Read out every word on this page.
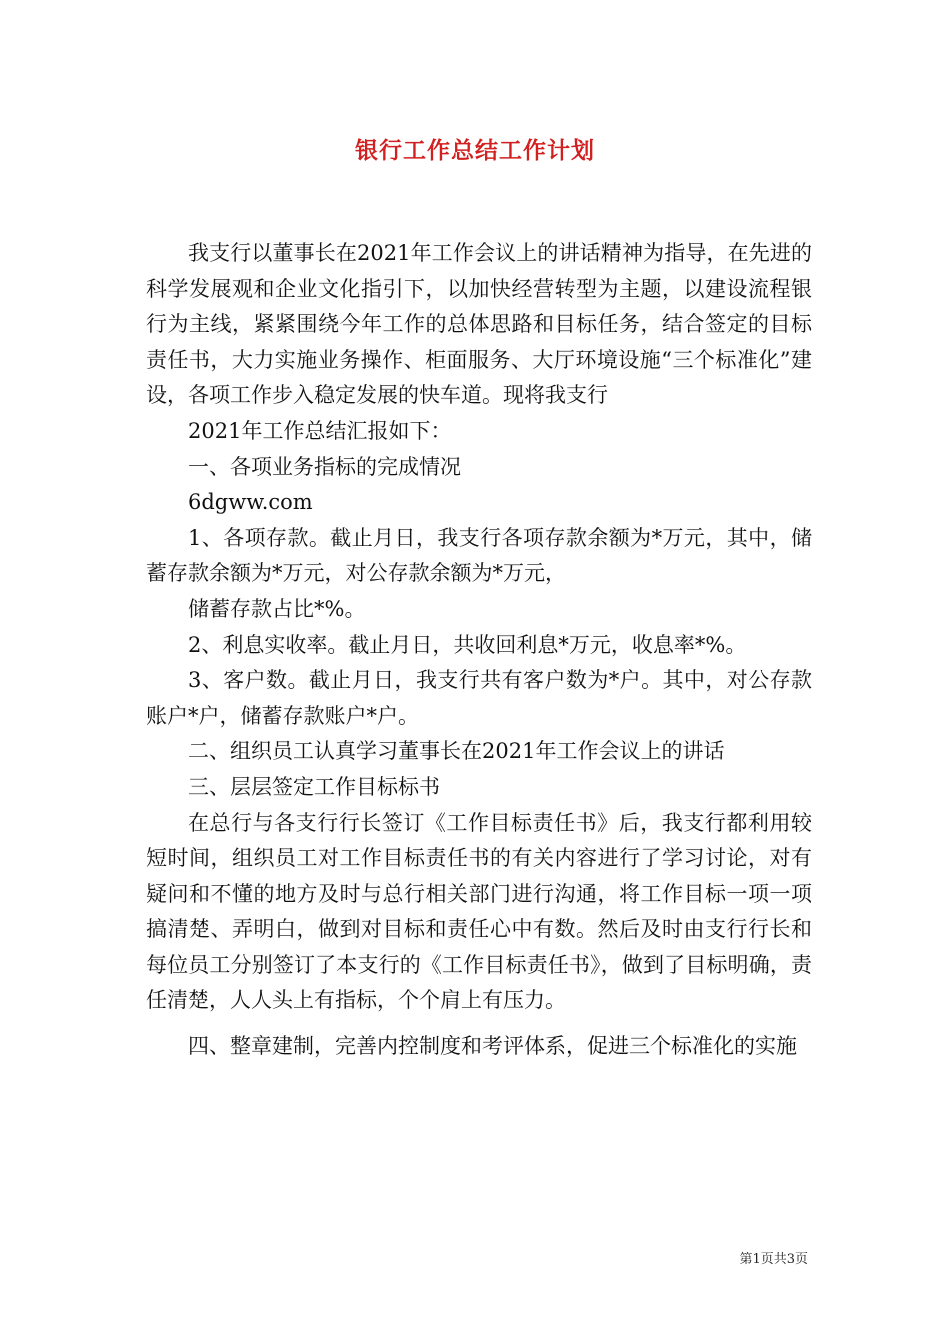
银行工作总结工作计划

我支行以董事长在2021年工作会议上的讲话精神为指导，在先进的科学发展观和企业文化指引下，以加快经营转型为主题，以建设流程银行为主线，紧紧围绕今年工作的总体思路和目标任务，结合签定的目标责任书，大力实施业务操作、柜面服务、大厅环境设施“三个标准化”建设，各项工作步入稳定发展的快车道。现将我支行

2021年工作总结汇报如下：

一、各项业务指标的完成情况

6dgww.com

1、各项存款。截止月日，我支行各项存款余额为*万元，其中，储蓄存款余额为*万元，对公存款余额为*万元，

储蓄存款占比*%。

2、利息实收率。截止月日，共收回利息*万元，收息率*%。

3、客户数。截止月日，我支行共有客户数为*户。其中，对公存款账户*户，储蓄存款账户*户。

二、组织员工认真学习董事长在2021年工作会议上的讲话

三、层层签定工作目标标书

在总行与各支行行长签订《工作目标责任书》后，我支行都利用较短时间，组织员工对工作目标责任书的有关内容进行了学习讨论，对有疑问和不懂的地方及时与总行相关部门进行沟通，将工作目标一项一项搞清楚、弄明白，做到对目标和责任心中有数。然后及时由支行行长和每位员工分别签订了本支行的《工作目标责任书》，做到了目标明确，责任清楚，人人头上有指标，个个肩上有压力。

四、整章建制，完善内控制度和考评体系，促进三个标准化的实施

第1页共3页
